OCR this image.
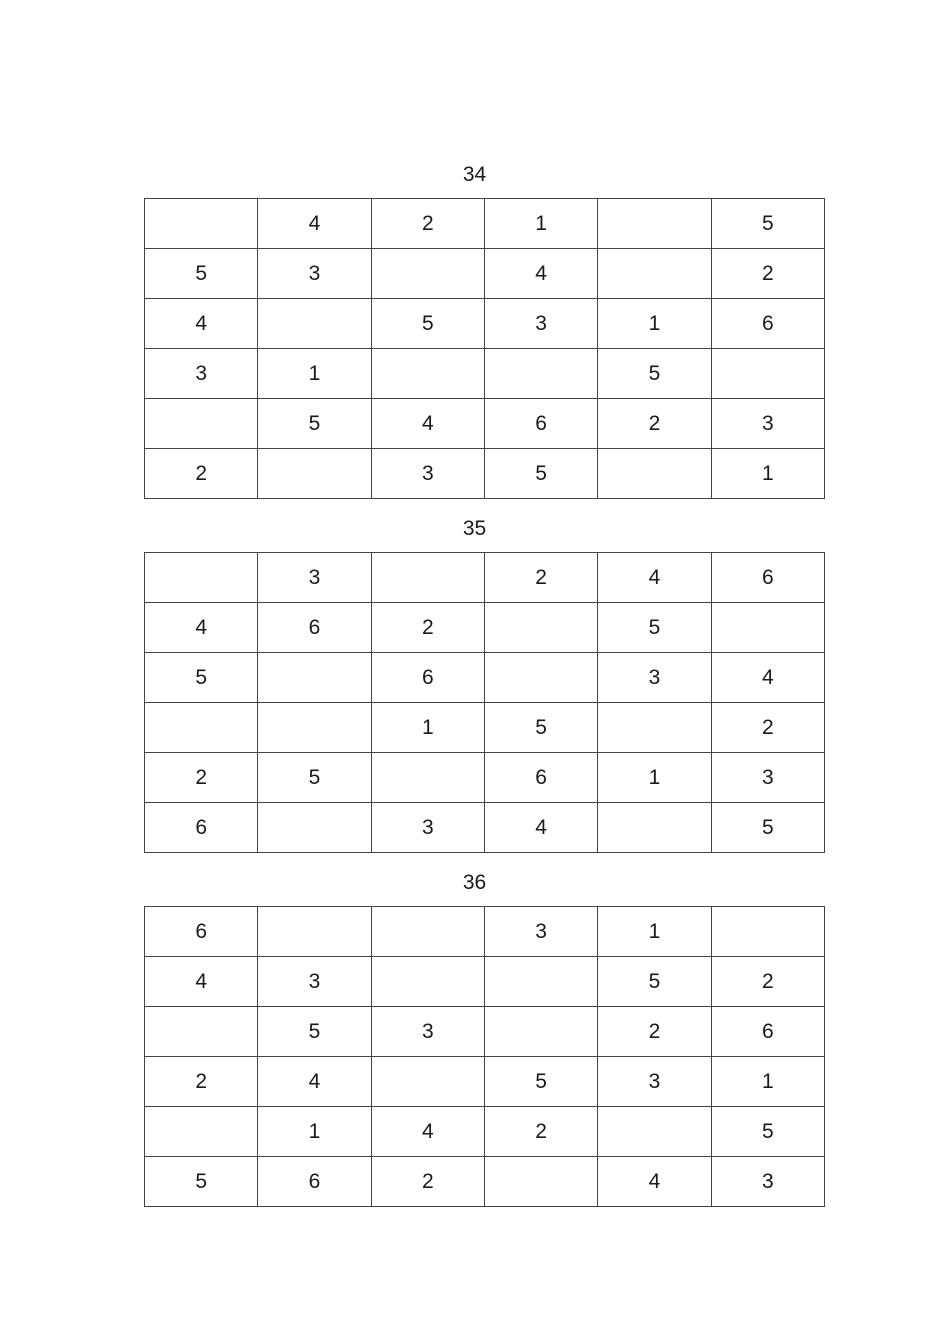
34
	4	2	1		5
5	3		4		2
4		5	3	1	6
3	1			5	
	5	4	6	2	3
2		3	5		1
35
	3		2	4	6
4	6	2		5	
5		6		3	4
		1	5		2
2	5		6	1	3
6		3	4		5
36
6			3	1	
4	3			5	2
	5	3		2	6
2	4		5	3	1
	1	4	2		5
5	6	2		4	3
